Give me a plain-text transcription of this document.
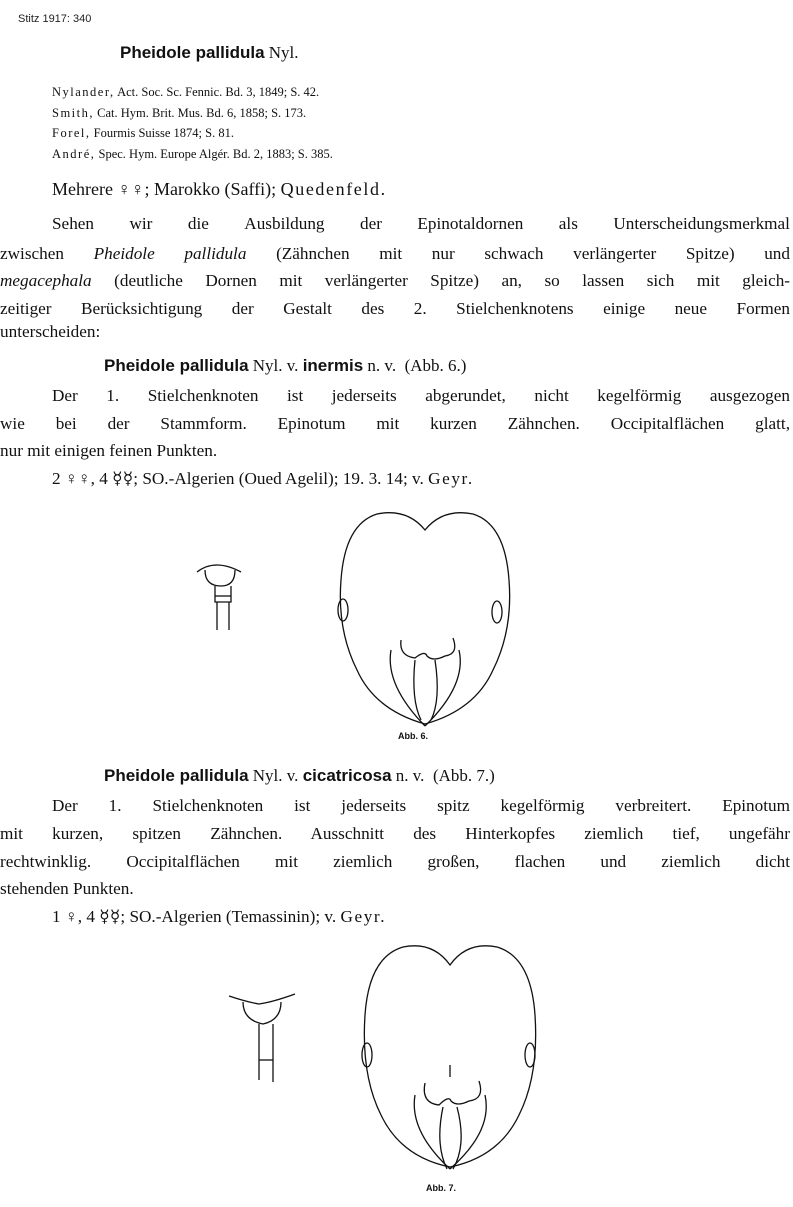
Stitz 1917: 340
Pheidole pallidula Nyl.
Nylander, Act. Soc. Sc. Fennic. Bd. 3, 1849; S. 42.
Smith, Cat. Hym. Brit. Mus. Bd. 6, 1858; S. 173.
Forel, Fourmis Suisse 1874; S. 81.
André, Spec. Hym. Europe Algér. Bd. 2, 1883; S. 385.
Mehrere ♀♀; Marokko (Saffi); Quedenfeld.
Sehen wir die Ausbildung der Epinotaldornen als Unterscheidungsmerkmal
zwischen Pheidole pallidula (Zähnchen mit nur schwach verlängerter Spitze) und
megacephala (deutliche Dornen mit verlängerter Spitze) an, so lassen sich mit gleich-
zeitiger Berücksichtigung der Gestalt des 2. Stielchenknotens einige neue Formen
unterscheiden:
Pheidole pallidula Nyl. v. inermis n. v. (Abb. 6.)
Der 1. Stielchenknoten ist jederseits abgerundet, nicht kegelförmig ausgezogen
wie bei der Stammform. Epinotum mit kurzen Zähnchen. Occipitalflächen glatt,
nur mit einigen feinen Punkten.
2 ♀♀, 4 ☿☿; SO.-Algerien (Oued Agelil); 19. 3. 14; v. Geyr.
Abb. 6.
Pheidole pallidula Nyl. v. cicatricosa n. v. (Abb. 7.)
Der 1. Stielchenknoten ist jederseits spitz kegelförmig verbreitert. Epinotum
mit kurzen, spitzen Zähnchen. Ausschnitt des Hinterkopfes ziemlich tief, ungefähr
rechtwinklig. Occipitalflächen mit ziemlich großen, flachen und ziemlich dicht
stehenden Punkten.
1 ♀, 4 ☿☿; SO.-Algerien (Temassinin); v. Geyr.
Abb. 7.
